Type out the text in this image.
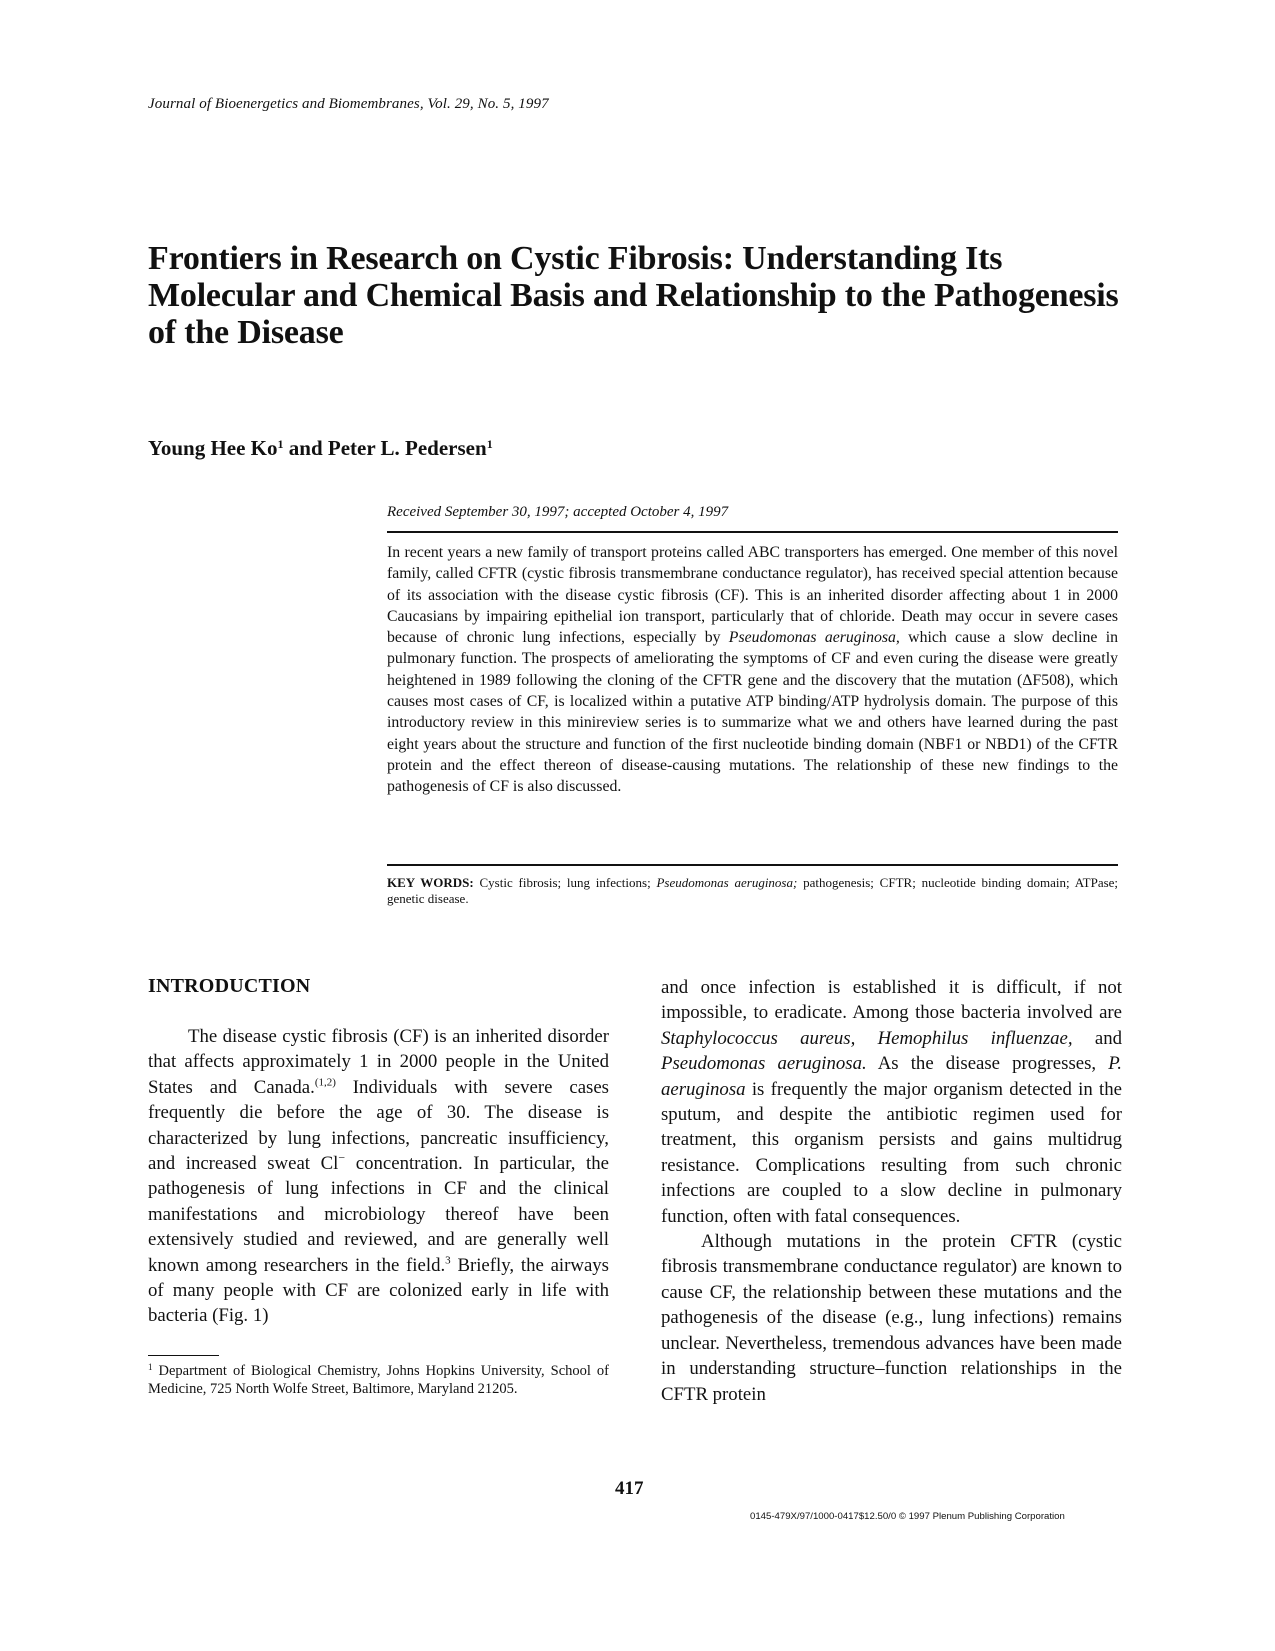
Journal of Bioenergetics and Biomembranes, Vol. 29, No. 5, 1997
Frontiers in Research on Cystic Fibrosis: Understanding Its Molecular and Chemical Basis and Relationship to the Pathogenesis of the Disease
Young Hee Ko$^1$ and Peter L. Pedersen$^1$
Received September 30, 1997; accepted October 4, 1997
In recent years a new family of transport proteins called ABC transporters has emerged. One member of this novel family, called CFTR (cystic fibrosis transmembrane conductance regulator), has received special attention because of its association with the disease cystic fibrosis (CF). This is an inherited disorder affecting about 1 in 2000 Caucasians by impairing epithelial ion transport, particularly that of chloride. Death may occur in severe cases because of chronic lung infections, especially by Pseudomonas aeruginosa, which cause a slow decline in pulmonary function. The prospects of ameliorating the symptoms of CF and even curing the disease were greatly heightened in 1989 following the cloning of the CFTR gene and the discovery that the mutation (ΔF508), which causes most cases of CF, is localized within a putative ATP binding/ATP hydrolysis domain. The purpose of this introductory review in this minireview series is to summarize what we and others have learned during the past eight years about the structure and function of the first nucleotide binding domain (NBF1 or NBD1) of the CFTR protein and the effect thereon of disease-causing mutations. The relationship of these new findings to the pathogenesis of CF is also discussed.
KEY WORDS: Cystic fibrosis; lung infections; Pseudomonas aeruginosa; pathogenesis; CFTR; nucleotide binding domain; ATPase; genetic disease.
INTRODUCTION

The disease cystic fibrosis (CF) is an inherited disorder that affects approximately 1 in 2000 people in the United States and Canada.$^{(1,2)}$ Individuals with severe cases frequently die before the age of 30. The disease is characterized by lung infections, pancreatic insufficiency, and increased sweat Cl− concentration. In particular, the pathogenesis of lung infections in CF and the clinical manifestations and microbiology thereof have been extensively studied and reviewed, and are generally well known among researchers in the field.$^3$ Briefly, the airways of many people with CF are colonized early in life with bacteria (Fig. 1)

and once infection is established it is difficult, if not impossible, to eradicate. Among those bacteria involved are Staphylococcus aureus, Hemophilus influenzae, and Pseudomonas aeruginosa. As the disease progresses, P. aeruginosa is frequently the major organism detected in the sputum, and despite the antibiotic regimen used for treatment, this organism persists and gains multidrug resistance. Complications resulting from such chronic infections are coupled to a slow decline in pulmonary function, often with fatal consequences.

Although mutations in the protein CFTR (cystic fibrosis transmembrane conductance regulator) are known to cause CF, the relationship between these mutations and the pathogenesis of the disease (e.g., lung infections) remains unclear. Nevertheless, tremendous advances have been made in understanding structure–function relationships in the CFTR protein

$^1$ Department of Biological Chemistry, Johns Hopkins University, School of Medicine, 725 North Wolfe Street, Baltimore, Maryland 21205.
417
0145-479X/97/1000-0417$12.50/0 © 1997 Plenum Publishing Corporation
